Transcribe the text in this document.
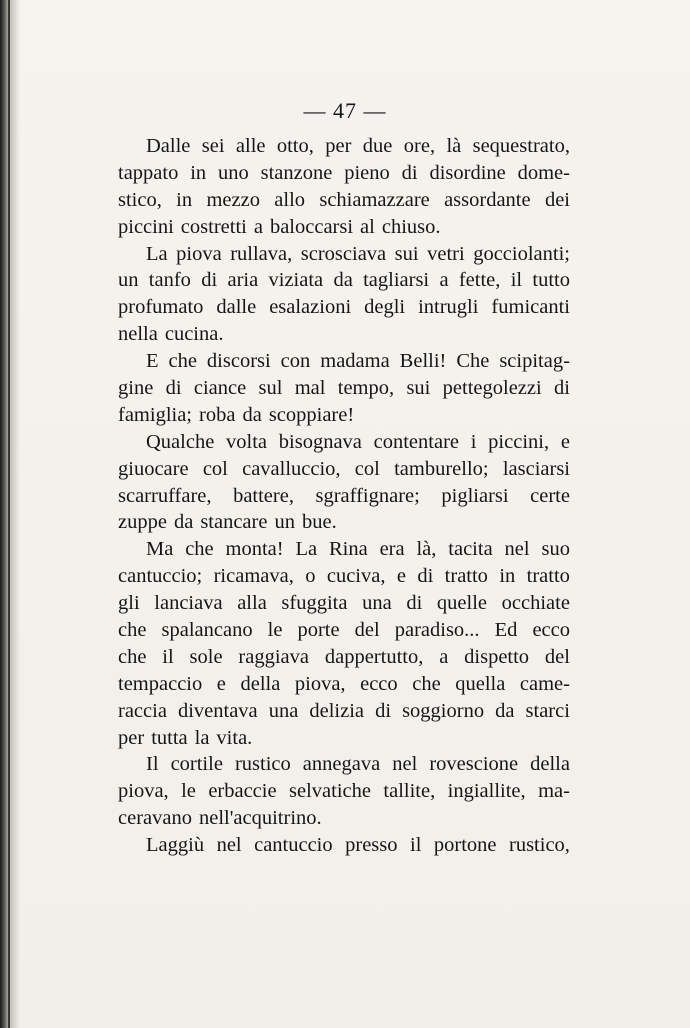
— 47 —
Dalle sei alle otto, per due ore, là sequestrato,
tappato in uno stanzone pieno di disordine dome-
stico, in mezzo allo schiamazzare assordante dei
piccini costretti a baloccarsi al chiuso.
La piova rullava, scrosciava sui vetri gocciolanti;
un tanfo di aria viziata da tagliarsi a fette, il tutto
profumato dalle esalazioni degli intrugli fumicanti
nella cucina.
E che discorsi con madama Belli! Che scipitag-
gine di ciance sul mal tempo, sui pettegolezzi di
famiglia; roba da scoppiare!
Qualche volta bisognava contentare i piccini, e
giuocare col cavalluccio, col tamburello; lasciarsi
scarruffare, battere, sgraffignare; pigliarsi certe
zuppe da stancare un bue.
Ma che monta! La Rina era là, tacita nel suo
cantuccio; ricamava, o cuciva, e di tratto in tratto
gli lanciava alla sfuggita una di quelle occhiate
che spalancano le porte del paradiso... Ed ecco
che il sole raggiava dappertutto, a dispetto del
tempaccio e della piova, ecco che quella came-
raccia diventava una delizia di soggiorno da starci
per tutta la vita.
Il cortile rustico annegava nel rovescione della
piova, le erbaccie selvatiche tallite, ingiallite, ma-
ceravano nell'acquitrino.
Laggiù nel cantuccio presso il portone rustico,
